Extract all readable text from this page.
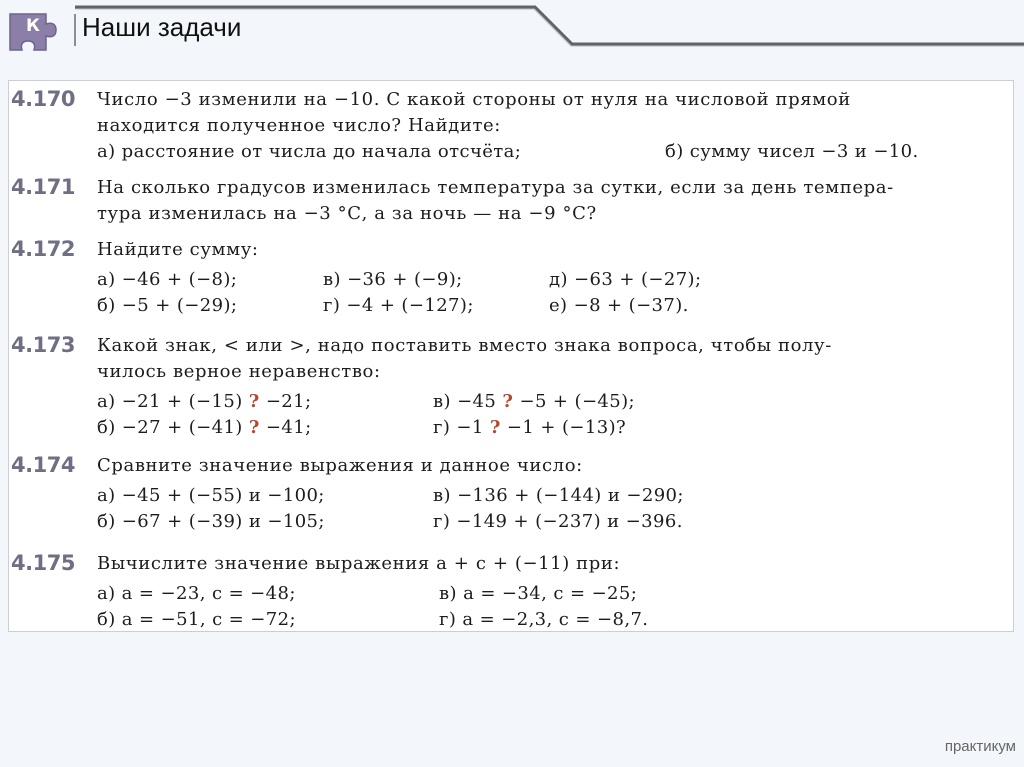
К Наши задачи
4.170 Число −3 изменили на −10. С какой стороны от нуля на числовой прямой
находится полученное число? Найдите:
а) расстояние от числа до начала отсчёта;	б) сумму чисел −3 и −10.
4.171 На сколько градусов изменилась температура за сутки, если за день темпера-
тура изменилась на −3 °С, а за ночь — на −9 °С?
4.172 Найдите сумму:
а) −46 + (−8);	в) −36 + (−9);	д) −63 + (−27);
б) −5 + (−29);	г) −4 + (−127);	е) −8 + (−37).
4.173 Какой знак, < или >, надо поставить вместо знака вопроса, чтобы полу-
чилось верное неравенство:
а) −21 + (−15) ? −21;	в) −45 ? −5 + (−45);
б) −27 + (−41) ? −41;	г) −1 ? −1 + (−13)?
4.174 Сравните значение выражения и данное число:
а) −45 + (−55) и −100;	в) −136 + (−144) и −290;
б) −67 + (−39) и −105;	г) −149 + (−237) и −396.
4.175 Вычислите значение выражения a + c + (−11) при:
а) a = −23, c = −48;	в) a = −34, c = −25;
б) a = −51, c = −72;	г) a = −2,3, c = −8,7.
практикум
